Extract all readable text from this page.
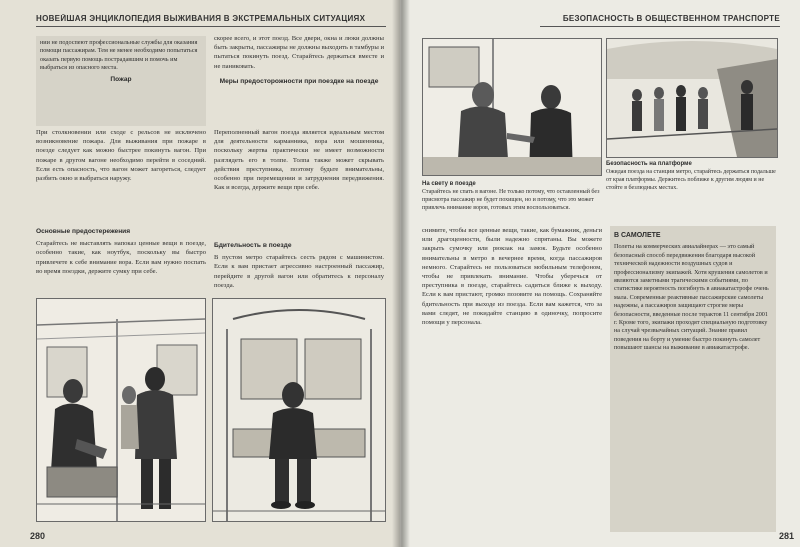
НОВЕЙШАЯ ЭНЦИКЛОПЕДИЯ ВЫЖИВАНИЯ В ЭКСТРЕМАЛЬНЫХ СИТУАЦИЯХ
нии не подоспеют профессиональные службы для оказания помощи пассажирам. Тем не менее необходимо попытаться оказать первую помощь пострадавшим и помочь им выбраться из опасного места.
Пожар
При столкновении или сходе с рельсов не исключено возникновение пожара. Для выживания при пожаре в поезде следует как можно быстрее покинуть вагон. При пожаре в другом вагоне необходимо перейти в соседний. Если есть опасность, что вагон может загореться, следует разбить окно и выбраться наружу.
Основные предостережения
Старайтесь не выставлять напоказ ценные вещи в поезде, особенно такие, как ноутбук, поскольку вы быстро привлечете к себе внимание вора. Если вам нужно поспать во время поездки, держите сумку при себе.
скорее всего, и этот поезд. Все двери, окна и люки должны быть закрыты, пассажиры не должны выходить в тамбуры и пытаться покинуть поезд. Старайтесь держаться вместе и не паниковать.
Меры предосторожности при поездке на поезде
Переполненный вагон поезда является идеальным местом для деятельности карманника, вора или мошенника, поскольку жертва практически не имеет возможности разглядеть его в толпе. Толпа также может скрывать действия преступника, поэтому будьте внимательны, особенно при перемещении и затруднения передвижения. Как и всегда, держите вещи при себе.
Бдительность в поезде
В пустом метро старайтесь сесть рядом с машинистом. Если к вам пристает агрессивно настроенный пассажир, перейдите в другой вагон или обратитесь к персоналу поезда.
280
БЕЗОПАСНОСТЬ В ОБЩЕСТВЕННОМ ТРАНСПОРТЕ
На свету в поезде
Старайтесь не спать в вагоне. Не только потому, что оставленный без присмотра пассажир не будет похищен, но и потому, что это может привлечь внимание воров, готовых этим воспользоваться.
Безопасность на платформе
Ожидая поезда на станции метро, старайтесь держаться подальше от края платформы. Держитесь поближе к другим людям и не стойте в безлюдных местах.
снимите, чтобы все ценные вещи, такие, как бумажник, деньги или драгоценности, были надежно спрятаны. Вы можете закрыть сумочку или рюкзак на замок. Будьте особенно внимательны в метро в вечернее время, когда пассажиров немного. Старайтесь не пользоваться мобильным телефоном, чтобы не привлекать внимание. Чтобы уберечься от преступника в поезде, старайтесь садиться ближе к выходу. Если к вам пристают, громко позовите на помощь. Сохраняйте бдительность при выходе из поезда. Если вам кажется, что за вами следят, не покидайте станцию в одиночку, попросите помощи у персонала.
В САМОЛЕТЕ
Полеты на коммерческих авиалайнерах — это самый безопасный способ передвижения благодаря высокой технической надежности воздушных судов и профессионализму экипажей. Хотя крушения самолетов и являются заметными трагическими событиями, по статистике вероятность погибнуть в авиакатастрофе очень мала. Современные реактивные пассажирские самолеты надежны, а пассажиров защищают строгие меры безопасности, введенные после терактов 11 сентября 2001 г. Кроме того, экипажи проходят специальную подготовку на случай чрезвычайных ситуаций. Знание правил поведения на борту и умение быстро покинуть самолет повышают шансы на выживание в авиакатастрофе.
281
